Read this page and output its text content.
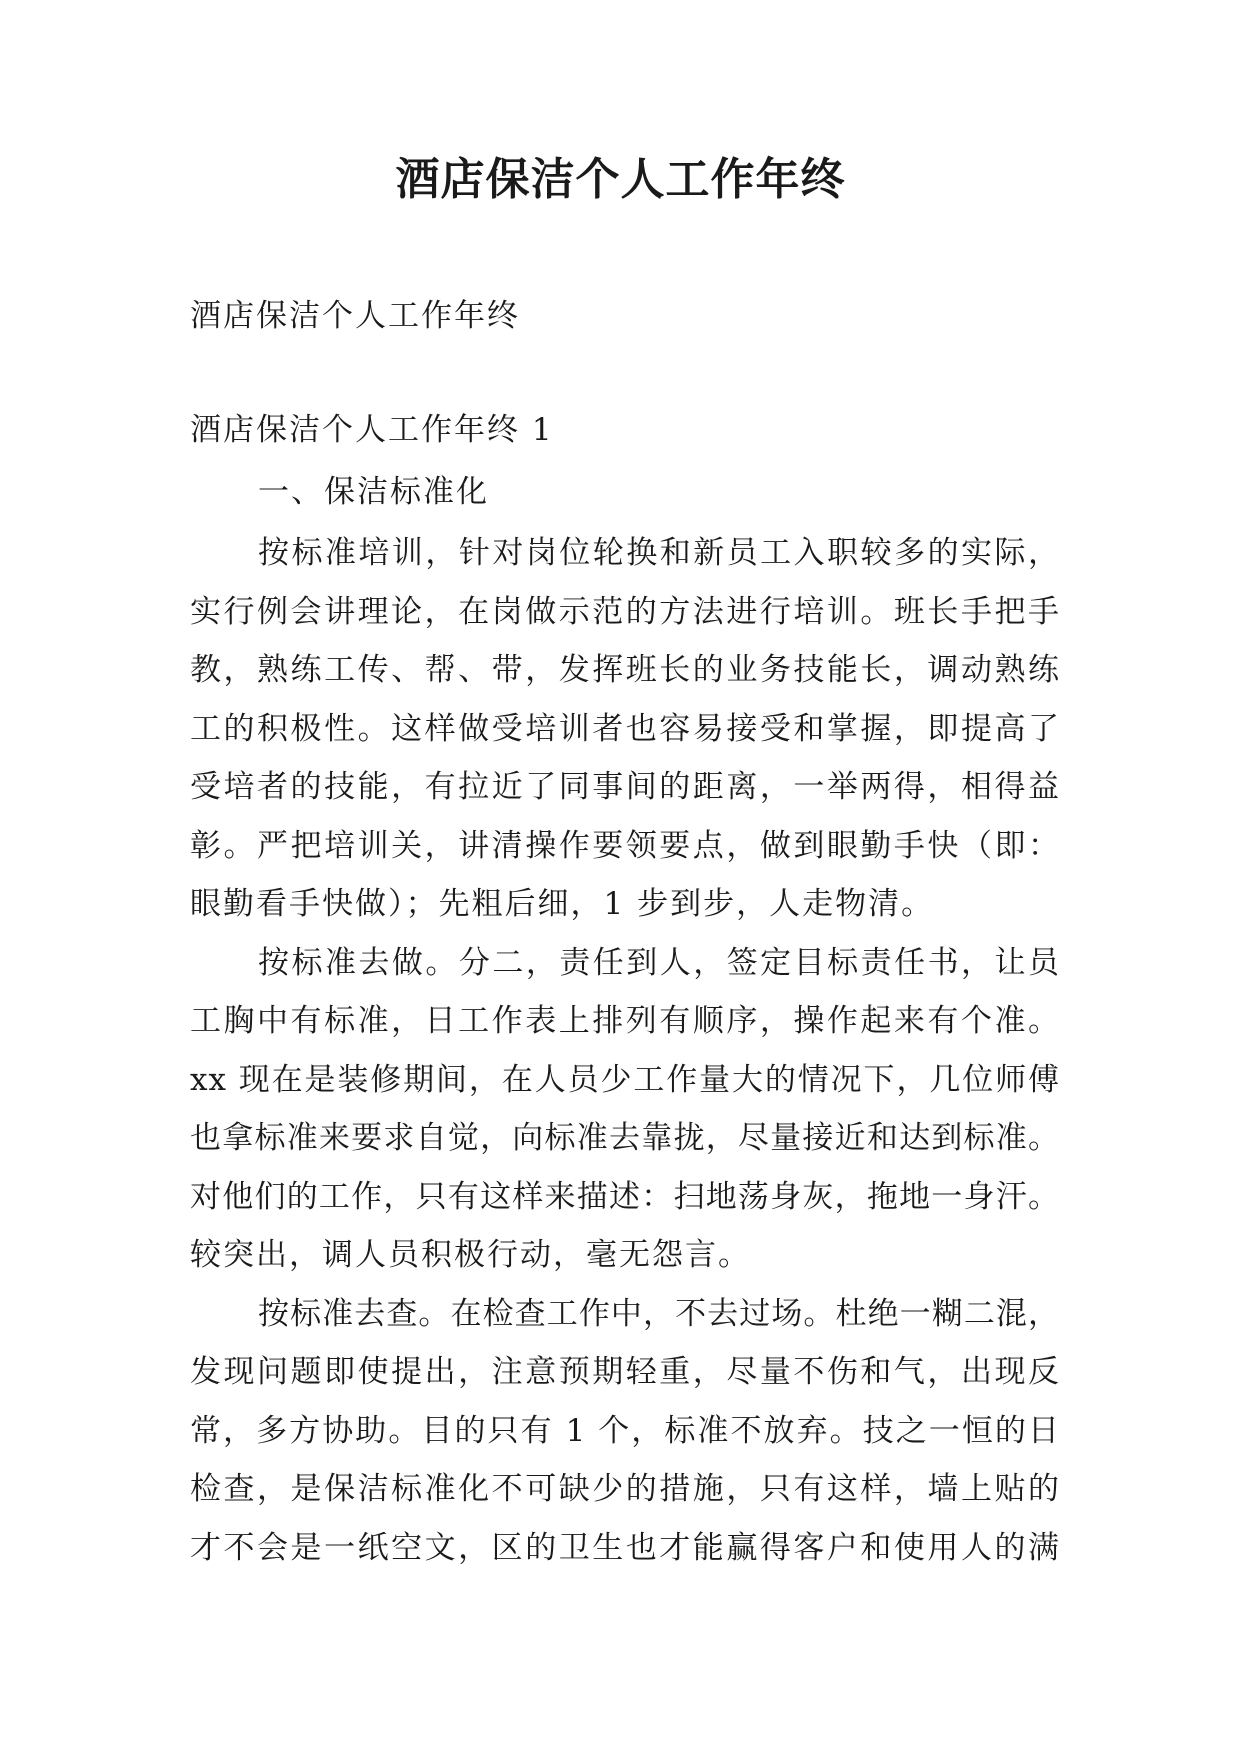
酒店保洁个人工作年终
酒店保洁个人工作年终
酒店保洁个人工作年终 1
一、保洁标准化
按标准培训，针对岗位轮换和新员工入职较多的实际，
实行例会讲理论，在岗做示范的方法进行培训。班长手把手
教，熟练工传、帮、带，发挥班长的业务技能长，调动熟练
工的积极性。这样做受培训者也容易接受和掌握，即提高了
受培者的技能，有拉近了同事间的距离，一举两得，相得益
彰。严把培训关，讲清操作要领要点，做到眼勤手快（即：
眼勤看手快做）；先粗后细，1 步到步，人走物清。
按标准去做。分二，责任到人，签定目标责任书，让员
工胸中有标准，日工作表上排列有顺序，操作起来有个准。
xx 现在是装修期间，在人员少工作量大的情况下，几位师傅
也拿标准来要求自觉，向标准去靠拢，尽量接近和达到标准。
对他们的工作，只有这样来描述：扫地荡身灰，拖地一身汗。
较突出，调人员积极行动，毫无怨言。
按标准去查。在检查工作中，不去过场。杜绝一糊二混，
发现问题即使提出，注意预期轻重，尽量不伤和气，出现反
常，多方协助。目的只有 1 个，标准不放弃。技之一恒的日
检查，是保洁标准化不可缺少的措施，只有这样，墙上贴的
才不会是一纸空文，区的卫生也才能赢得客户和使用人的满
